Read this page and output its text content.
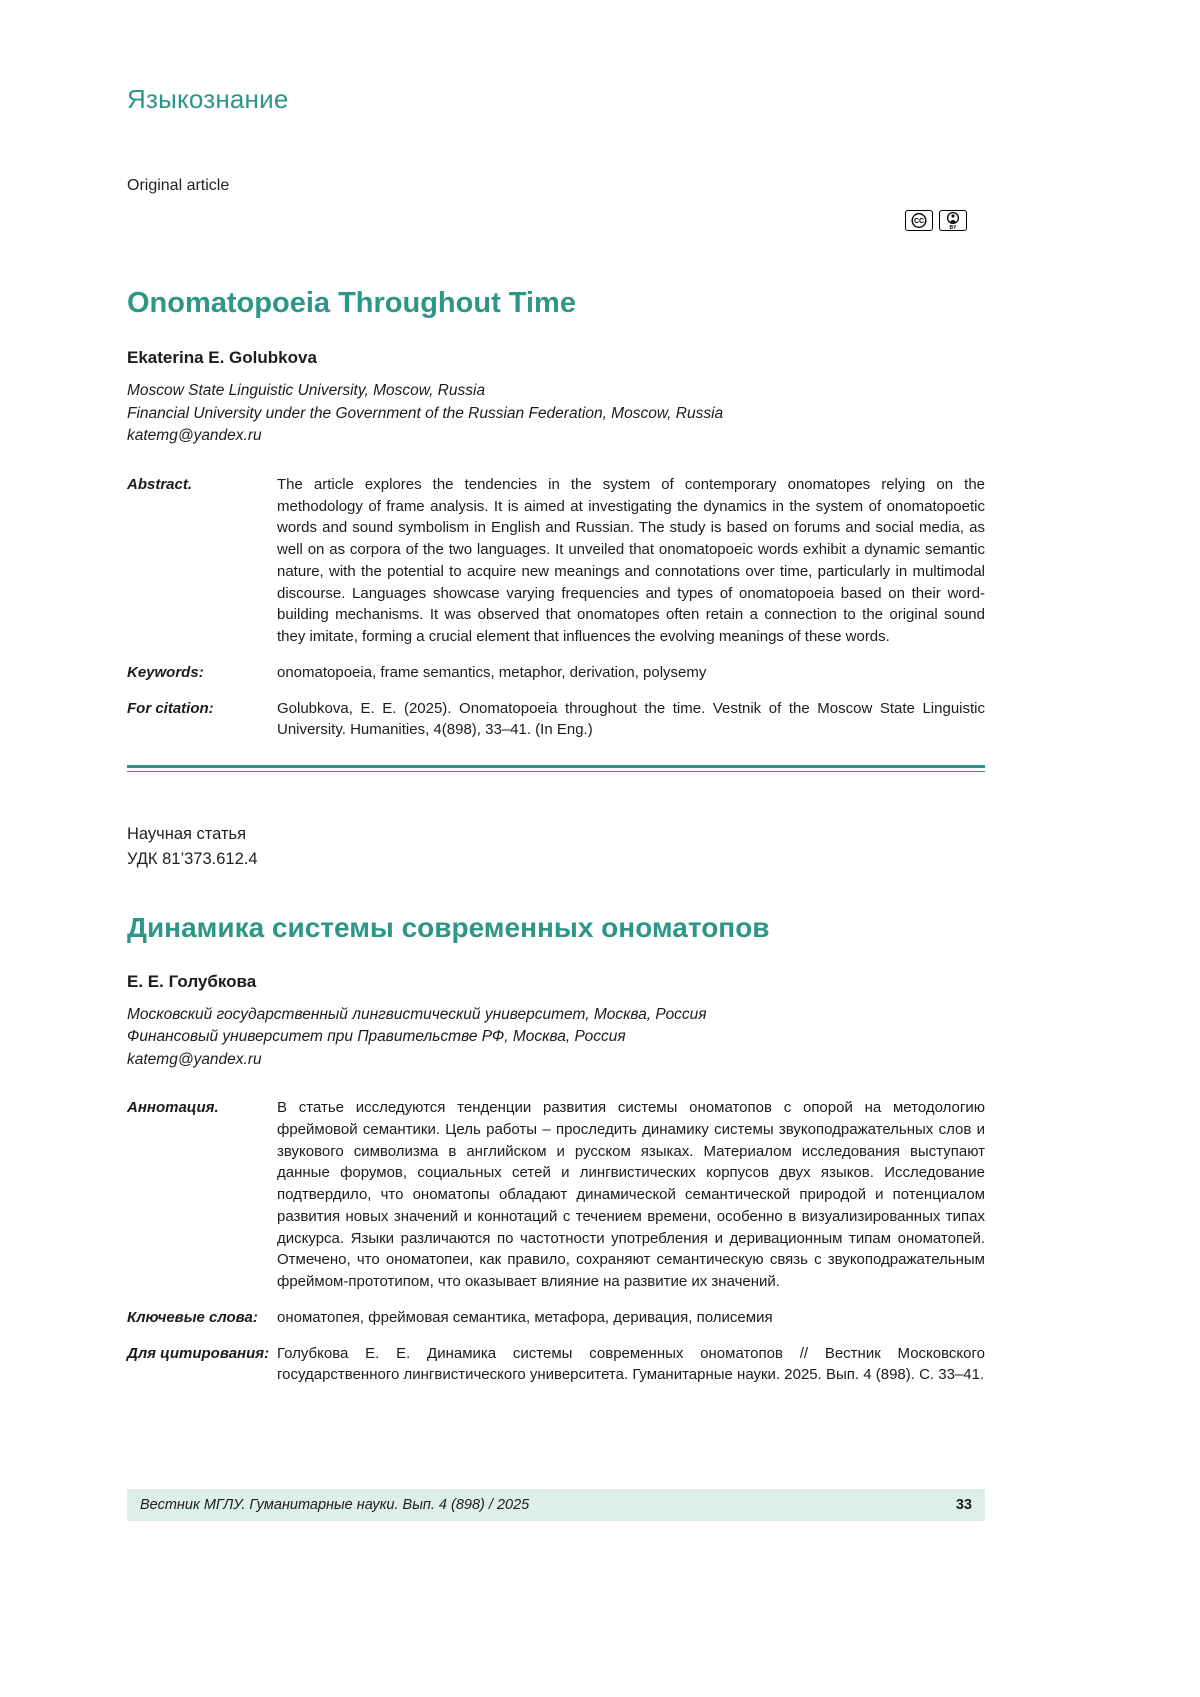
Языкознание
Original article
CC
BY
Onomatopoeia Throughout Time
Ekaterina E. Golubkova
Moscow State Linguistic University, Moscow, Russia
Financial University under the Government of the Russian Federation, Moscow, Russia
katemg@yandex.ru
Abstract.	The article explores the tendencies in the system of contemporary onomatopes relying on the methodology of frame analysis. It is aimed at investigating the dynamics in the system of onomatopoetic words and sound symbolism in English and Russian. The study is based on forums and social media, as well on as corpora of the two languages. It unveiled that onomatopoeic words exhibit a dynamic semantic nature, with the potential to acquire new meanings and connotations over time, particularly in multimodal discourse. Languages showcase varying frequencies and types of onomatopoeia based on their word-building mechanisms. It was observed that onomatopes often retain a connection to the original sound they imitate, forming a crucial element that influences the evolving meanings of these words.
Keywords:	onomatopoeia, frame semantics, metaphor, derivation, polysemy
For citation:	Golubkova, E. E. (2025). Onomatopoeia throughout the time. Vestnik of the Moscow State Linguistic University. Humanities, 4(898), 33–41. (In Eng.)
Научная статья
УДК 81’373.612.4
Динамика системы современных ономатопов
Е. Е. Голубкова
Московский государственный лингвистический университет, Москва, Россия
Финансовый университет при Правительстве РФ, Москва, Россия
katemg@yandex.ru
Аннотация.	В статье исследуются тенденции развития системы ономатопов с опорой на методологию фреймовой семантики. Цель работы – проследить динамику системы звукоподражательных слов и звукового символизма в английском и русском языках. Материалом исследования выступают данные форумов, социальных сетей и лингвистических корпусов двух языков. Исследование подтвердило, что ономатопы обладают динамической семантической природой и потенциалом развития новых значений и коннотаций с течением времени, особенно в визуализированных типах дискурса. Языки различаются по частотности употребления и деривационным типам ономатопей. Отмечено, что ономатопеи, как правило, сохраняют семантическую связь с звукоподражательным фреймом-прототипом, что оказывает влияние на развитие их значений.
Ключевые слова:	ономатопея, фреймовая семантика, метафора, деривация, полисемия
Для цитирования: Голубкова Е. Е. Динамика системы современных ономатопов // Вестник Московского государственного лингвистического университета. Гуманитарные науки. 2025. Вып. 4 (898). С. 33–41.
Вестник МГЛУ. Гуманитарные науки. Вып. 4 (898) / 2025	33
